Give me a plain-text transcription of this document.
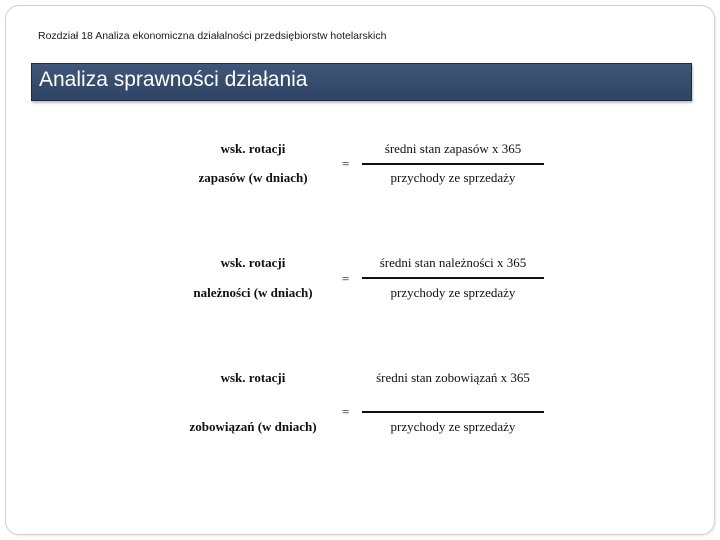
Rozdział 18 Analiza ekonomiczna działalności przedsiębiorstw hotelarskich
Analiza sprawności działania
wsk. rotacji
zapasów (w dniach)
=
średni stan zapasów x 365
przychody ze sprzedaży
wsk. rotacji
należności (w dniach)
=
średni stan należności x 365
przychody ze sprzedaży
wsk. rotacji
zobowiązań (w dniach)
=
średni stan zobowiązań x 365
przychody ze sprzedaży
